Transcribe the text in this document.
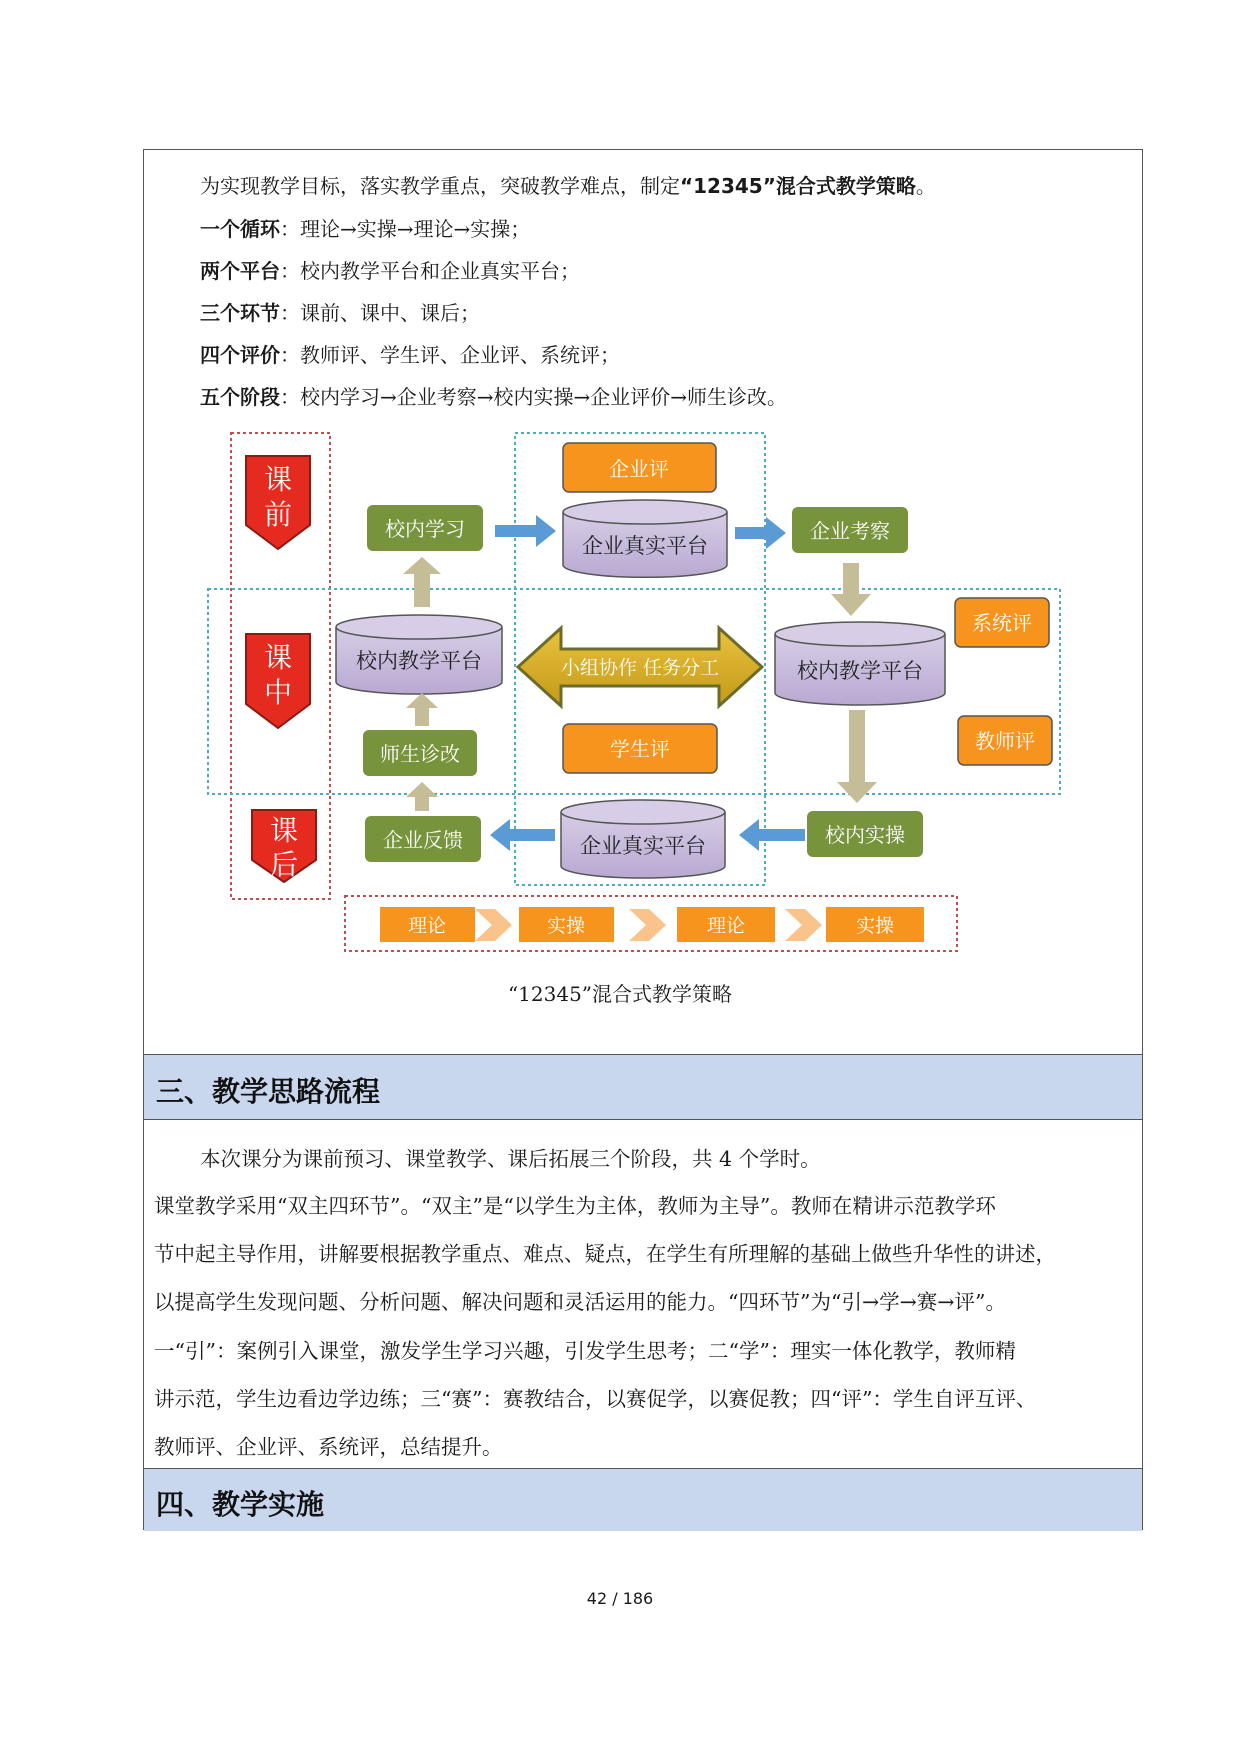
三、教学思路流程
四、教学实施
为实现教学目标，落实教学重点，突破教学难点，制定“12345”混合式教学策略。
一个循环：理论→实操→理论→实操；
两个平台：校内教学平台和企业真实平台；
三个环节：课前、课中、课后；
四个评价：教师评、学生评、企业评、系统评；
五个阶段：校内学习→企业考察→校内实操→企业评价→师生诊改。
课
前
课
中
课
后
企业评
学生评
系统评
教师评
校内学习	企业考察
师生诊改
企业反馈	校内实操
企业真实平台
校内教学平台	校内教学平台
企业真实平台
小组协作 任务分工
理论	实操	理论	实操
“12345”混合式教学策略
本次课分为课前预习、课堂教学、课后拓展三个阶段，共 4 个学时。
课堂教学采用“双主四环节”。“双主”是“以学生为主体，教师为主导”。教师在精讲示范教学环
节中起主导作用，讲解要根据教学重点、难点、疑点，在学生有所理解的基础上做些升华性的讲述，
以提高学生发现问题、分析问题、解决问题和灵活运用的能力。“四环节”为“引→学→赛→评”。
一“引”：案例引入课堂，激发学生学习兴趣，引发学生思考；二“学”：理实一体化教学，教师精
讲示范，学生边看边学边练；三“赛”：赛教结合，以赛促学，以赛促教；四“评”：学生自评互评、
教师评、企业评、系统评，总结提升。
42 / 186
